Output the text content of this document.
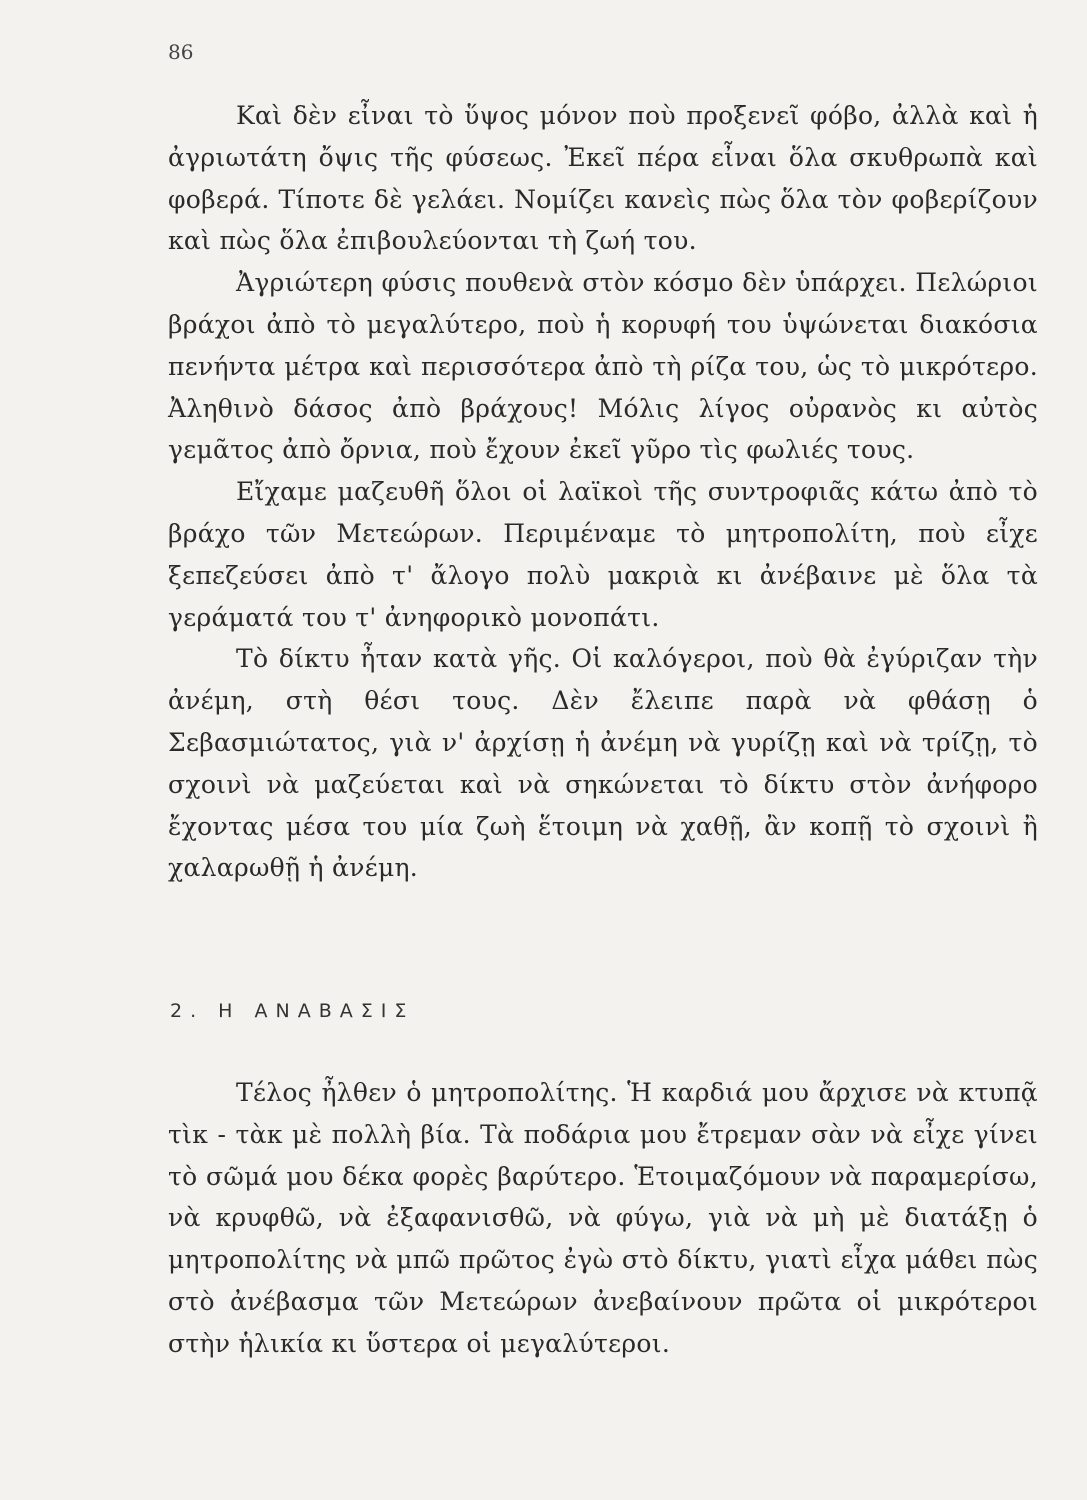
86

Καὶ δὲν εἶναι τὸ ὕψος μόνον ποὺ προξενεῖ φόβο, ἀλλὰ καὶ ἡ ἀγριωτάτη ὄψις τῆς φύσεως. Ἐκεῖ πέρα εἶναι ὅλα σκυθρωπὰ καὶ φοβερά. Τίποτε δὲ γελάει. Νομίζει κανεὶς πὼς ὅλα τὸν φοβερίζουν καὶ πὼς ὅλα ἐπιβουλεύονται τὴ ζωή του.

Ἀγριώτερη φύσις πουθενὰ στὸν κόσμο δὲν ὑπάρχει. Πελώριοι βράχοι ἀπὸ τὸ μεγαλύτερο, ποὺ ἡ κορυφή του ὑψώνεται διακόσια πενήντα μέτρα καὶ περισσότερα ἀπὸ τὴ ρίζα του, ὡς τὸ μικρότερο. Ἀληθινὸ δάσος ἀπὸ βράχους! Μόλις λίγος οὐρανὸς κι αὐτὸς γεμᾶτος ἀπὸ ὄρνια, ποὺ ἔχουν ἐκεῖ γῦρο τὶς φωλιές τους.

Εἴχαμε μαζευθῆ ὅλοι οἱ λαϊκοὶ τῆς συντροφιᾶς κάτω ἀπὸ τὸ βράχο τῶν Μετεώρων. Περιμέναμε τὸ μητροπολίτη, ποὺ εἶχε ξεπεζεύσει ἀπὸ τ' ἄλογο πολὺ μακριὰ κι ἀνέβαινε μὲ ὅλα τὰ γεράματά του τ' ἀνηφορικὸ μονοπάτι.

Τὸ δίκτυ ἦταν κατὰ γῆς. Οἱ καλόγεροι, ποὺ θὰ ἐγύριζαν τὴν ἀνέμη, στὴ θέσι τους. Δὲν ἔλειπε παρὰ νὰ φθάσῃ ὁ Σεβασμιώτατος, γιὰ ν' ἀρχίσῃ ἡ ἀνέμη νὰ γυρίζῃ καὶ νὰ τρίζῃ, τὸ σχοινὶ νὰ μαζεύεται καὶ νὰ σηκώνεται τὸ δίκτυ στὸν ἀνήφορο ἔχοντας μέσα του μία ζωὴ ἕτοιμη νὰ χαθῇ, ἂν κοπῇ τὸ σχοινὶ ἢ χαλαρωθῇ ἡ ἀνέμη.

2. Η ΑΝΑΒΑΣΙΣ

Τέλος ἦλθεν ὁ μητροπολίτης. Ἡ καρδιά μου ἄρχισε νὰ κτυπᾷ τὶκ - τὰκ μὲ πολλὴ βία. Τὰ ποδάρια μου ἔτρεμαν σὰν νὰ εἶχε γίνει τὸ σῶμά μου δέκα φορὲς βαρύτερο. Ἑτοιμαζόμουν νὰ παραμερίσω, νὰ κρυφθῶ, νὰ ἐξαφανισθῶ, νὰ φύγω, γιὰ νὰ μὴ μὲ διατάξῃ ὁ μητροπολίτης νὰ μπῶ πρῶτος ἐγὼ στὸ δίκτυ, γιατὶ εἶχα μάθει πὼς στὸ ἀνέβασμα τῶν Μετεώρων ἀνεβαίνουν πρῶτα οἱ μικρότεροι στὴν ἡλικία κι ὕστερα οἱ μεγαλύτεροι.
